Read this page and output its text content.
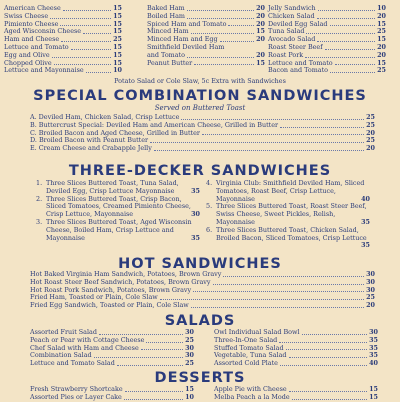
American Cheese	15
Swiss Cheese	15
Pimiento Cheese	15
Aged Wisconsin Cheese	15
Ham and Cheese	25
Lettuce and Tomato	15
Egg and Olive	15
Chopped Olive	15
Lettuce and Mayonnaise	10
Baked Ham	20
Boiled Ham	20
Spiced Ham and Tomato	20
Minced Ham	15
Minced Ham and Egg	20
Smithfield Deviled Ham
and Tomato	20
Peanut Butter	15
Jelly Sandwich	10
Chicken Salad	20
Deviled Egg Salad	15
Tuna Salad	25
Avocado Salad	15
Roast Steer Beef	20
Roast Pork	20
Lettuce and Tomato	15
Bacon and Tomato	25
Potato Salad or Cole Slaw, 5c Extra with Sandwiches
SPECIAL COMBINATION SANDWICHES
Served on Buttered Toast
A. Deviled Ham, Chicken Salad, Crisp Lettuce	25
B. Buttercrust Special: Deviled Ham and American Cheese, Grilled in Butter	25
C. Broiled Bacon and Aged Cheese, Grilled in Butter	20
D. Broiled Bacon with Peanut Butter	25
E. Cream Cheese and Crabapple Jelly	20
THREE-DECKER SANDWICHES
1. Three Slices Buttered Toast, Tuna Salad, Deviled Egg, Crisp Lettuce Mayonnaise	35
2. Three Slices Buttered Toast, Crisp Bacon, Sliced Tomatoes, Creamed Pimiento Cheese, Crisp Lettuce, Mayonnaise	30
3. Three Slices Buttered Toast, Aged Wisconsin Cheese, Boiled Ham, Crisp Lettuce and Mayonnaise	35
4. Virginia Club: Smithfield Deviled Ham, Sliced Tomatoes, Roast Beef, Crisp Lettuce, Mayonnaise	40
5. Three Slices Buttered Toast, Roast Steer Beef, Swiss Cheese, Sweet Pickles, Relish, Mayonnaise	35
6. Three Slices Buttered Toast, Chicken Salad, Broiled Bacon, Sliced Tomatoes, Crisp Lettuce
35
HOT SANDWICHES
Hot Baked Virginia Ham Sandwich, Potatoes, Brown Gravy	30
Hot Roast Steer Beef Sandwich, Potatoes, Brown Gravy	30
Hot Roast Pork Sandwich, Potatoes, Brown Gravy	30
Fried Ham, Toasted or Plain, Cole Slaw	25
Fried Egg Sandwich, Toasted or Plain, Cole Slaw	20
SALADS
Assorted Fruit Salad	30
Peach or Pear with Cottage Cheese	25
Chef Salad with Ham and Cheese	30
Combination Salad	30
Lettuce and Tomato Salad	25
Owl Individual Salad Bowl	30
Three-In-One Salad	35
Stuffed Tomato Salad	35
Vegetable, Tuna Salad	35
Assorted Cold Plate	40
DESSERTS
Fresh Strawberry Shortcake	15
Assorted Pies or Layer Cake	10
Apple Pie with Cheese	15
Melba Peach a la Mode	15
